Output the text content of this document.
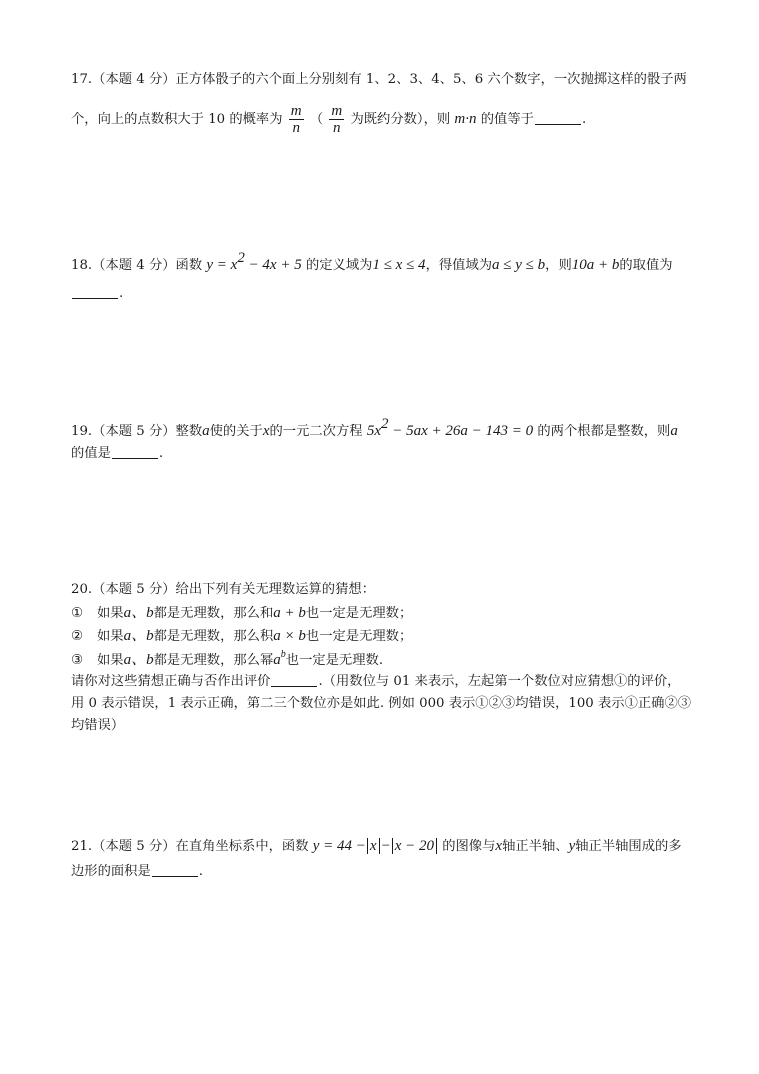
17.（本题 4 分）正方体骰子的六个面上分别刻有 1、2、3、4、5、6 六个数字，一次抛掷这样的骰子两
个，向上的点数积大于 10 的概率为 $\frac{m}{n}$ （ $\frac{m}{n}$ 为既约分数），则 m·n 的值等于	.
18.（本题 4 分）函数 $y = x^2 - 4x + 5$ 的定义域为1 ≤ x ≤ 4，得值域为a ≤ y ≤ b，则10a + b的取值为
.
19.（本题 5 分）整数a使的关于x的一元二次方程 $5x^2 - 5ax + 26a - 143 = 0$ 的两个根都是整数，则a
的值是	.
20.（本题 5 分）给出下列有关无理数运算的猜想：
① 如果a、b都是无理数，那么和a + b也一定是无理数；
② 如果a、b都是无理数，那么积a × b也一定是无理数；
③ 如果a、b都是无理数，那么幂$a^b$也一定是无理数.
请你对这些猜想正确与否作出评价	.（用数位与 01 来表示，左起第一个数位对应猜想①的评价，
用 0 表示错误，1 表示正确，第二三个数位亦是如此. 例如 000 表示①②③均错误，100 表示①正确②③
均错误）
21.（本题 5 分）在直角坐标系中，函数 y = 44 − x − x − 20 的图像与x轴正半轴、y轴正半轴围成的多
边形的面积是	.
